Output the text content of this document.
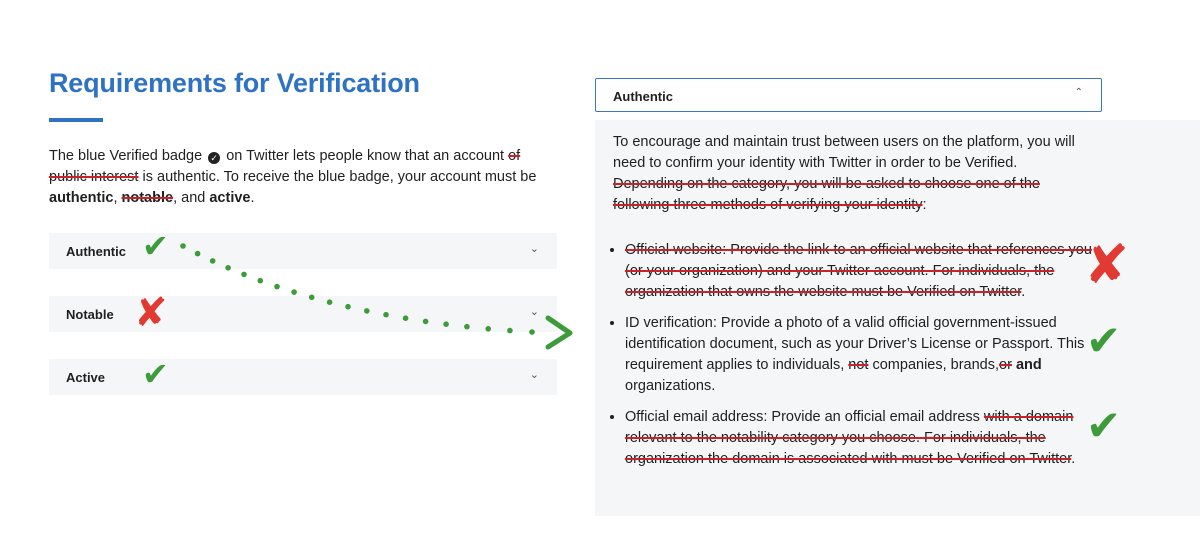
Requirements for Verification
The blue Verified badge ✓ on Twitter lets people know that an account of public interest is authentic. To receive the blue badge, your account must be authentic, notable, and active.
Authentic	⌄
Notable	⌄
Active	⌄
Authentic	⌃
To encourage and maintain trust between users on the platform, you will need to confirm your identity with Twitter in order to be Verified. Depending on the category, you will be asked to choose one of the following three methods of verifying your identity:
• Official website: Provide the link to an official website that references you (or your organization) and your Twitter account. For individuals, the organization that owns the website must be Verified on Twitter.
• ID verification: Provide a photo of a valid official government-issued identification document, such as your Driver’s License or Passport. This requirement applies to individuals, not companies, brands,or and organizations.
• Official email address: Provide an official email address with a domain relevant to the notability category you choose. For individuals, the organization the domain is associated with must be Verified on Twitter.
✔
✘
✔
✘
✔
✔
